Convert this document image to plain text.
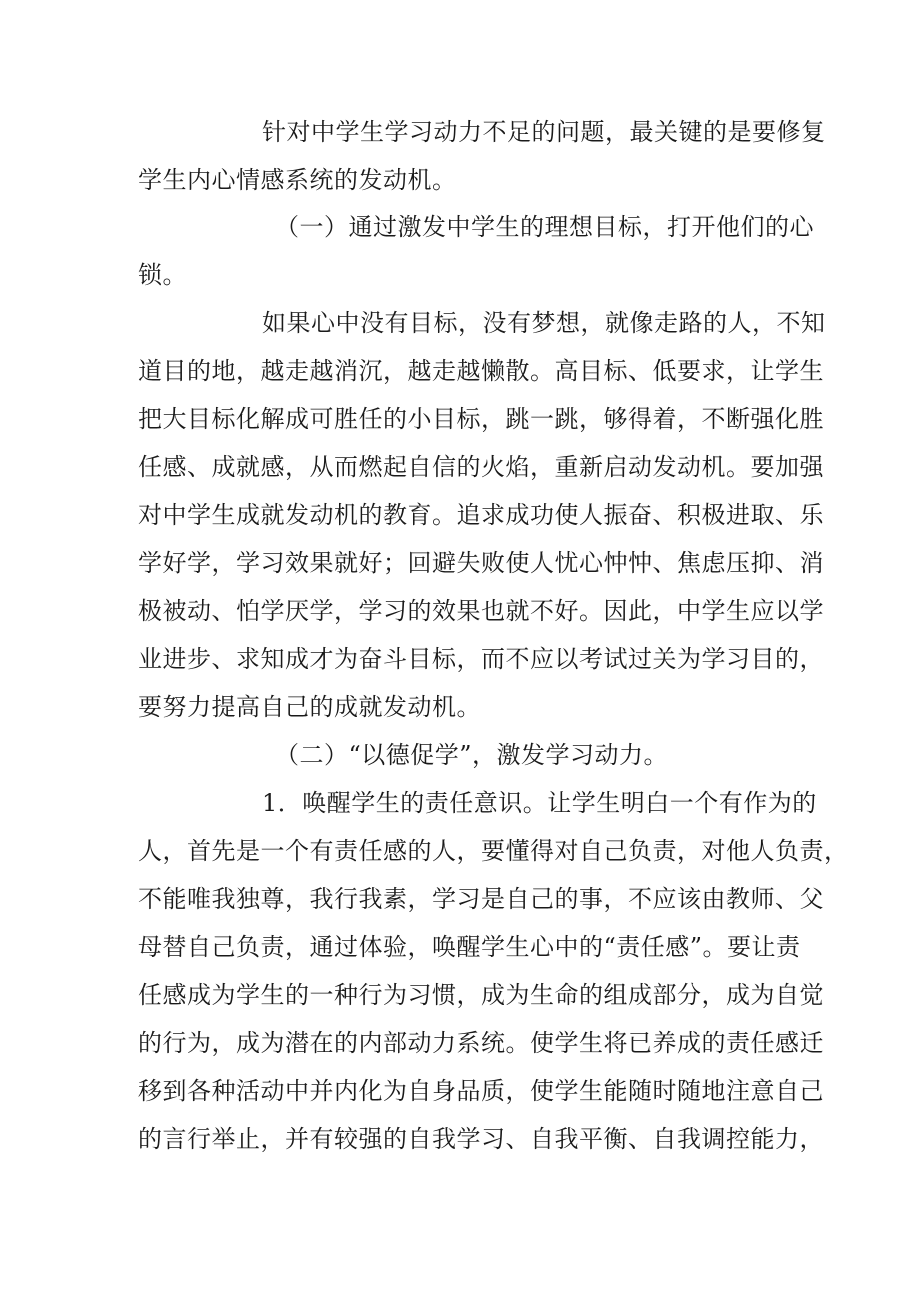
针对中学生学习动力不足的问题，最关键的是要修复
学生内心情感系统的发动机。
（一）通过激发中学生的理想目标，打开他们的心
锁。
如果心中没有目标，没有梦想，就像走路的人，不知
道目的地，越走越消沉，越走越懒散。高目标、低要求，让学生
把大目标化解成可胜任的小目标，跳一跳，够得着，不断强化胜
任感、成就感，从而燃起自信的火焰，重新启动发动机。要加强
对中学生成就发动机的教育。追求成功使人振奋、积极进取、乐
学好学，学习效果就好；回避失败使人忧心忡忡、焦虑压抑、消
极被动、怕学厌学，学习的效果也就不好。因此，中学生应以学
业进步、求知成才为奋斗目标，而不应以考试过关为学习目的，
要努力提高自己的成就发动机。
（二）“以德促学”，激发学习动力。
1．唤醒学生的责任意识。让学生明白一个有作为的
人，首先是一个有责任感的人，要懂得对自己负责，对他人负责，
不能唯我独尊，我行我素，学习是自己的事，不应该由教师、父
母替自己负责，通过体验，唤醒学生心中的“责任感”。要让责
任感成为学生的一种行为习惯，成为生命的组成部分，成为自觉
的行为，成为潜在的内部动力系统。使学生将已养成的责任感迁
移到各种活动中并内化为自身品质，使学生能随时随地注意自己
的言行举止，并有较强的自我学习、自我平衡、自我调控能力，
